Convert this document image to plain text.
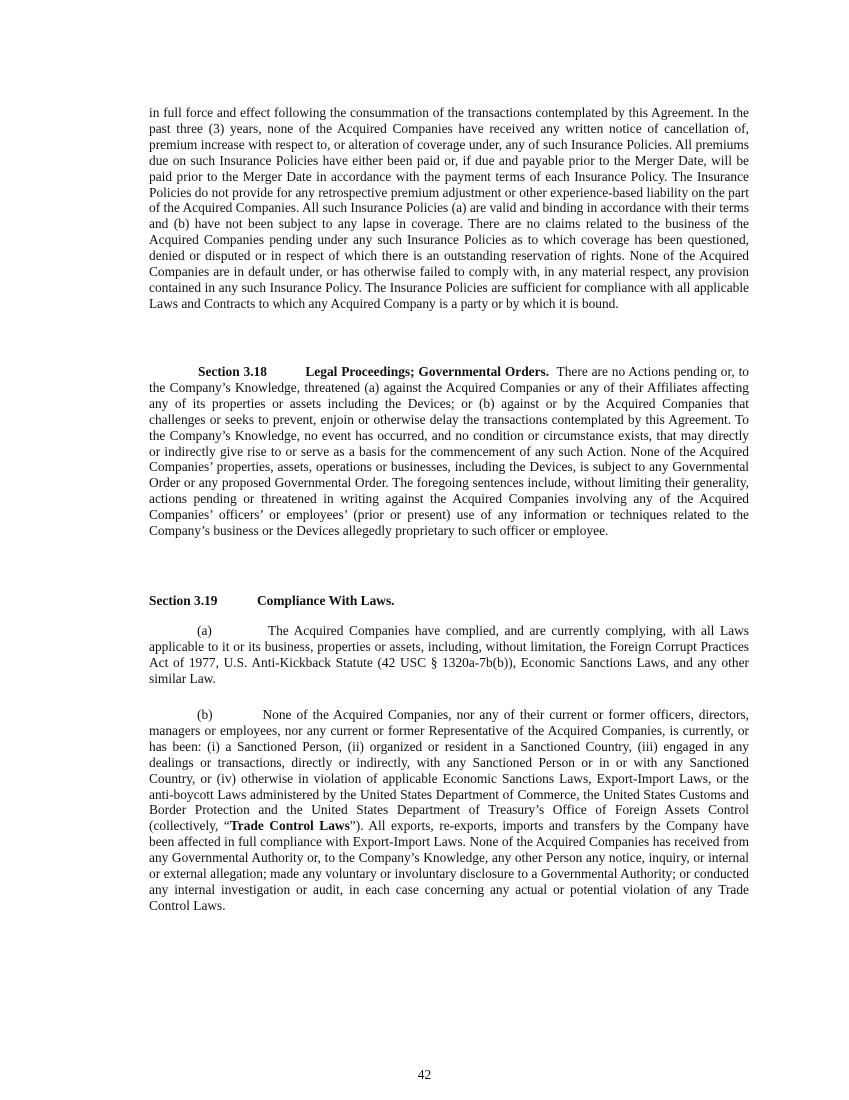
in full force and effect following the consummation of the transactions contemplated by this Agreement. In the past three (3) years, none of the Acquired Companies have received any written notice of cancellation of, premium increase with respect to, or alteration of coverage under, any of such Insurance Policies. All premiums due on such Insurance Policies have either been paid or, if due and payable prior to the Merger Date, will be paid prior to the Merger Date in accordance with the payment terms of each Insurance Policy. The Insurance Policies do not provide for any retrospective premium adjustment or other experience-based liability on the part of the Acquired Companies. All such Insurance Policies (a) are valid and binding in accordance with their terms and (b) have not been subject to any lapse in coverage. There are no claims related to the business of the Acquired Companies pending under any such Insurance Policies as to which coverage has been questioned, denied or disputed or in respect of which there is an outstanding reservation of rights. None of the Acquired Companies are in default under, or has otherwise failed to comply with, in any material respect, any provision contained in any such Insurance Policy. The Insurance Policies are sufficient for compliance with all applicable Laws and Contracts to which any Acquired Company is a party or by which it is bound.
Section 3.18	Legal Proceedings; Governmental Orders. There are no Actions pending or, to the Company’s Knowledge, threatened (a) against the Acquired Companies or any of their Affiliates affecting any of its properties or assets including the Devices; or (b) against or by the Acquired Companies that challenges or seeks to prevent, enjoin or otherwise delay the transactions contemplated by this Agreement. To the Company’s Knowledge, no event has occurred, and no condition or circumstance exists, that may directly or indirectly give rise to or serve as a basis for the commencement of any such Action. None of the Acquired Companies’ properties, assets, operations or businesses, including the Devices, is subject to any Governmental Order or any proposed Governmental Order. The foregoing sentences include, without limiting their generality, actions pending or threatened in writing against the Acquired Companies involving any of the Acquired Companies’ officers’ or employees’ (prior or present) use of any information or techniques related to the Company’s business or the Devices allegedly proprietary to such officer or employee.
Section 3.19	Compliance With Laws.
(a)	The Acquired Companies have complied, and are currently complying, with all Laws applicable to it or its business, properties or assets, including, without limitation, the Foreign Corrupt Practices Act of 1977, U.S. Anti-Kickback Statute (42 USC § 1320a-7b(b)), Economic Sanctions Laws, and any other similar Law.
(b)	None of the Acquired Companies, nor any of their current or former officers, directors, managers or employees, nor any current or former Representative of the Acquired Companies, is currently, or has been: (i) a Sanctioned Person, (ii) organized or resident in a Sanctioned Country, (iii) engaged in any dealings or transactions, directly or indirectly, with any Sanctioned Person or in or with any Sanctioned Country, or (iv) otherwise in violation of applicable Economic Sanctions Laws, Export-Import Laws, or the anti-boycott Laws administered by the United States Department of Commerce, the United States Customs and Border Protection and the United States Department of Treasury’s Office of Foreign Assets Control (collectively, “Trade Control Laws”). All exports, re-exports, imports and transfers by the Company have been affected in full compliance with Export-Import Laws. None of the Acquired Companies has received from any Governmental Authority or, to the Company’s Knowledge, any other Person any notice, inquiry, or internal or external allegation; made any voluntary or involuntary disclosure to a Governmental Authority; or conducted any internal investigation or audit, in each case concerning any actual or potential violation of any Trade Control Laws.
42
